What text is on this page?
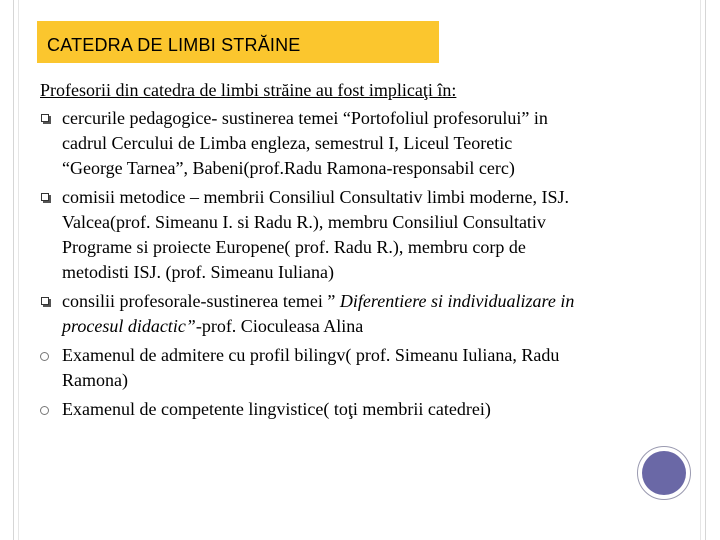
CATEDRA DE LIMBI STRĂINE
Profesorii din catedra de limbi străine au fost implicaţi în:
cercurile pedagogice- sustinerea temei “Portofoliul profesorului” in
cadrul Cercului de Limba engleza, semestrul I, Liceul Teoretic
“George Tarnea”, Babeni(prof.Radu Ramona-responsabil cerc)
comisii metodice – membrii Consiliul Consultativ limbi moderne, ISJ.
Valcea(prof. Simeanu I. si Radu R.), membru Consiliul Consultativ
Programe si proiecte Europene( prof. Radu R.), membru corp de
metodisti ISJ. (prof. Simeanu Iuliana)
consilii profesorale-sustinerea temei ” Diferentiere si individualizare in
procesul didactic”-prof. Cioculeasa Alina
Examenul de admitere cu profil bilingv( prof. Simeanu Iuliana, Radu
Ramona)
Examenul de competente lingvistice( toţi membrii catedrei)
